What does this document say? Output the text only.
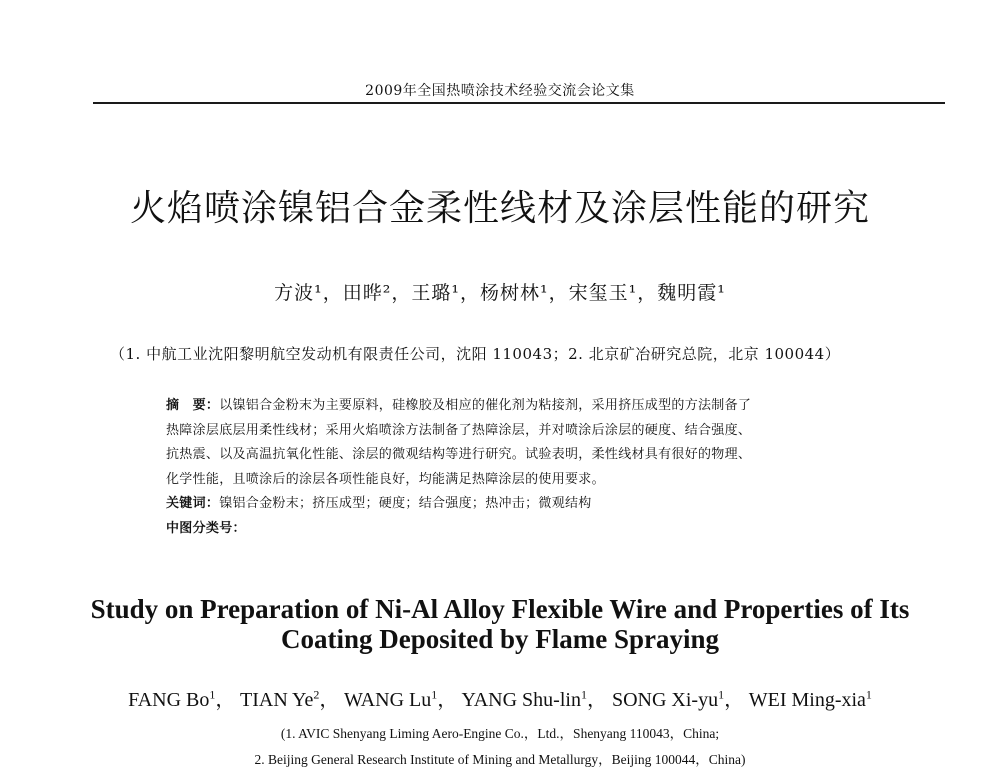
2009年全国热喷涂技术经验交流会论文集
火焰喷涂镍铝合金柔性线材及涂层性能的研究
方波¹，田晔²，王璐¹，杨树林¹，宋玺玉¹，魏明霞¹
（1. 中航工业沈阳黎明航空发动机有限责任公司，沈阳 110043；2. 北京矿冶研究总院，北京 100044）

摘　要：以镍铝合金粉末为主要原料，硅橡胶及相应的催化剂为粘接剂，采用挤压成型的方法制备了

热障涂层底层用柔性线材；采用火焰喷涂方法制备了热障涂层，并对喷涂后涂层的硬度、结合强度、

抗热震、以及高温抗氧化性能、涂层的微观结构等进行研究。试验表明，柔性线材具有很好的物理、

化学性能，且喷涂后的涂层各项性能良好，均能满足热障涂层的使用要求。

关键词：镍铝合金粉末；挤压成型；硬度；结合强度；热冲击；微观结构

中图分类号：

Study on Preparation of Ni-Al Alloy Flexible Wire and Properties of Its
Coating Deposited by Flame Spraying
FANG Bo$^1$， TIAN Ye$^2$， WANG Lu$^1$， YANG Shu-lin$^1$， SONG $Xi-yu^1$， WEI Ming-xia$^1$
(1. AVIC Shenyang Liming Aero-Engine Co.，Ltd.，Shenyang 110043，China;
2. Beijing General Research Institute of Mining and Metallurgy，Beijing 100044，China)
